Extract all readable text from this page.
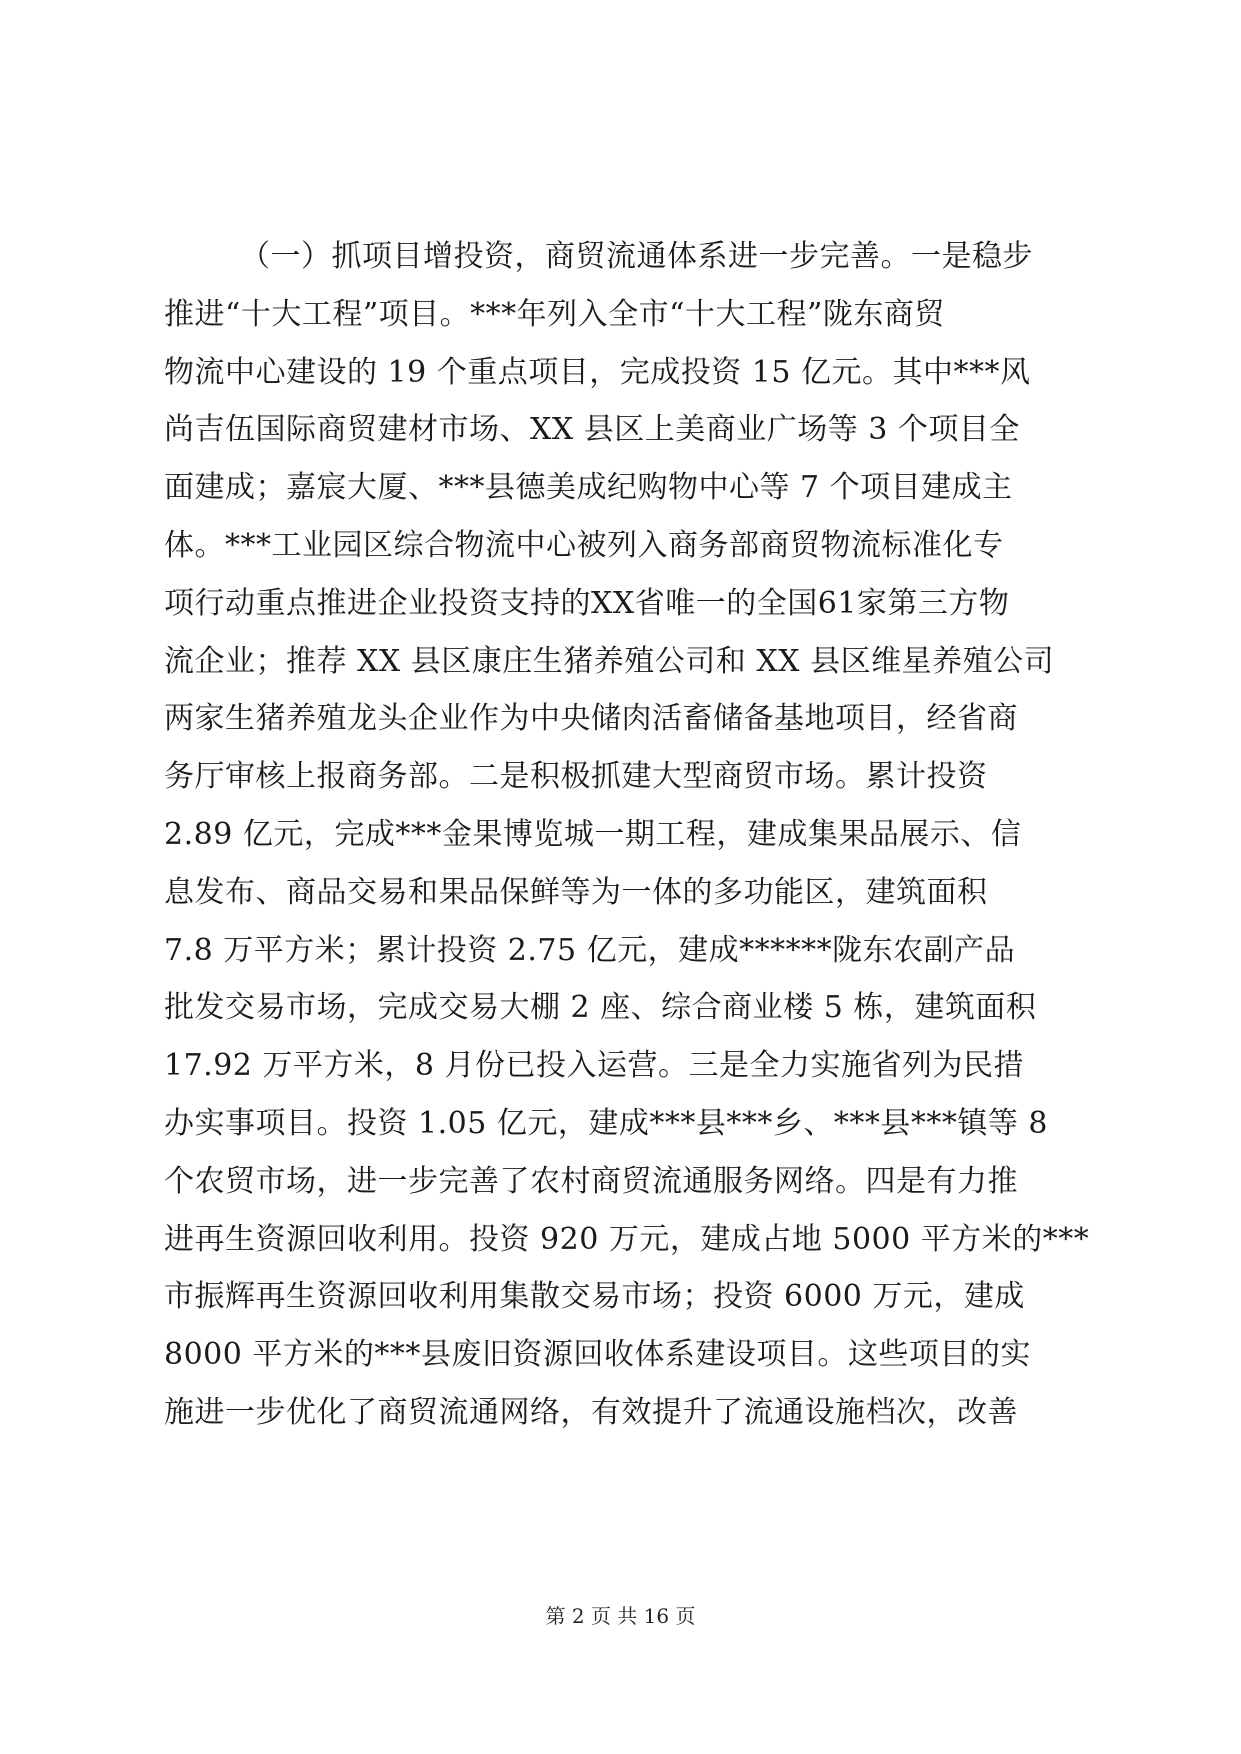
（一）抓项目增投资，商贸流通体系进一步完善。一是稳步
推进“十大工程”项目。***年列入全市“十大工程”陇东商贸
物流中心建设的 19 个重点项目，完成投资 15 亿元。其中***风
尚吉伍国际商贸建材市场、XX 县区上美商业广场等 3 个项目全
面建成；嘉宸大厦、***县德美成纪购物中心等 7 个项目建成主
体。***工业园区综合物流中心被列入商务部商贸物流标准化专
项行动重点推进企业投资支持的XX省唯一的全国61家第三方物
流企业；推荐 XX 县区康庄生猪养殖公司和 XX 县区维星养殖公司
两家生猪养殖龙头企业作为中央储肉活畜储备基地项目，经省商
务厅审核上报商务部。二是积极抓建大型商贸市场。累计投资
2.89 亿元，完成***金果博览城一期工程，建成集果品展示、信
息发布、商品交易和果品保鲜等为一体的多功能区，建筑面积
7.8 万平方米；累计投资 2.75 亿元，建成******陇东农副产品
批发交易市场，完成交易大棚 2 座、综合商业楼 5 栋，建筑面积
17.92 万平方米，8 月份已投入运营。三是全力实施省列为民措
办实事项目。投资 1.05 亿元，建成***县***乡、***县***镇等 8
个农贸市场，进一步完善了农村商贸流通服务网络。四是有力推
进再生资源回收利用。投资 920 万元，建成占地 5000 平方米的***
市振辉再生资源回收利用集散交易市场；投资 6000 万元，建成
8000 平方米的***县废旧资源回收体系建设项目。这些项目的实
施进一步优化了商贸流通网络，有效提升了流通设施档次，改善
第 2 页 共 16 页
